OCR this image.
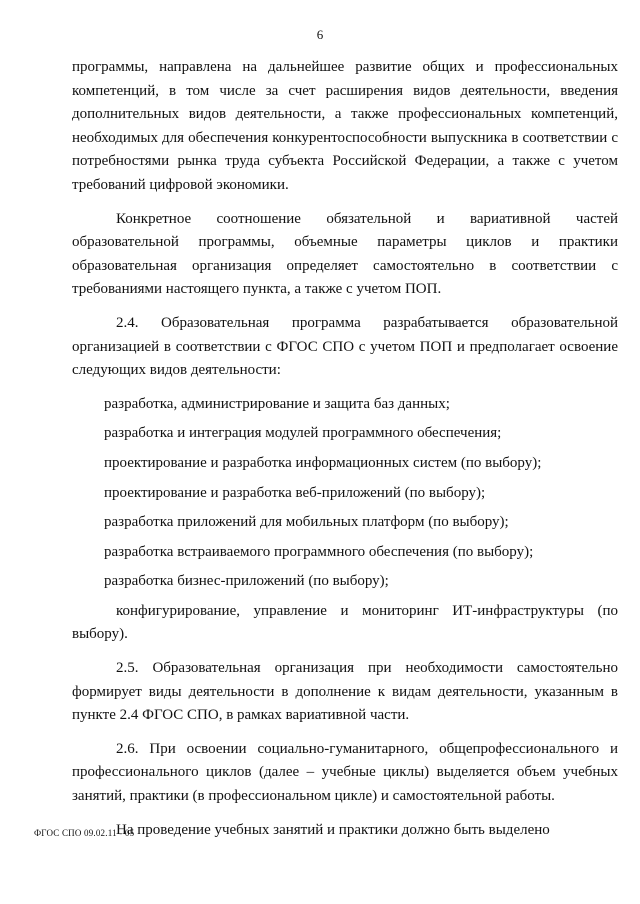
6

программы, направлена на дальнейшее развитие общих и профессиональных компетенций, в том числе за счет расширения видов деятельности, введения дополнительных видов деятельности, а также профессиональных компетенций, необходимых для обеспечения конкурентоспособности выпускника в соответствии с потребностями рынка труда субъекта Российской Федерации, а также с учетом требований цифровой экономики.

Конкретное соотношение обязательной и вариативной частей образовательной программы, объемные параметры циклов и практики образовательная организация определяет самостоятельно в соответствии с требованиями настоящего пункта, а также с учетом ПОП.

2.4. Образовательная программа разрабатывается образовательной организацией в соответствии с ФГОС СПО с учетом ПОП и предполагает освоение следующих видов деятельности:

разработка, администрирование и защита баз данных;

разработка и интеграция модулей программного обеспечения;

проектирование и разработка информационных систем (по выбору);

проектирование и разработка веб-приложений (по выбору);

разработка приложений для мобильных платформ (по выбору);

разработка встраиваемого программного обеспечения (по выбору);

разработка бизнес-приложений (по выбору);

конфигурирование, управление и мониторинг ИТ-инфраструктуры (по выбору).

2.5. Образовательная организация при необходимости самостоятельно формирует виды деятельности в дополнение к видам деятельности, указанным в пункте 2.4 ФГОС СПО, в рамках вариативной части.

2.6. При освоении социально-гуманитарного, общепрофессионального и профессионального циклов (далее – учебные циклы) выделяется объем учебных занятий, практики (в профессиональном цикле) и самостоятельной работы.

На проведение учебных занятий и практики должно быть выделено

ФГОС СПО 09.02.11 - 05
